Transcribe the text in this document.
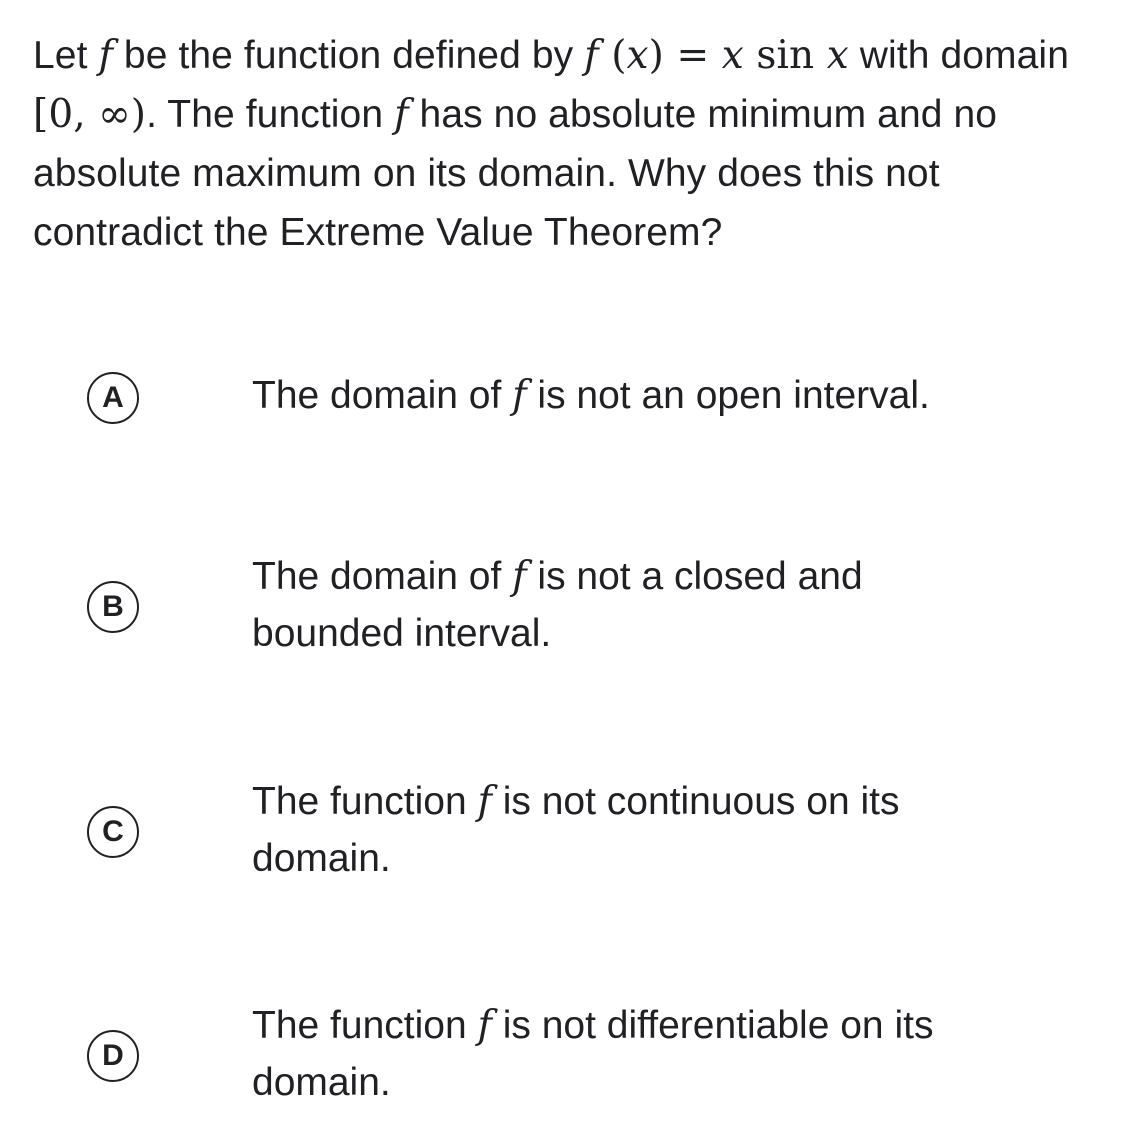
Let f be the function defined by f (x) = x sin x with domain [0, ∞). The function f has no absolute minimum and no absolute maximum on its domain. Why does this not contradict the Extreme Value Theorem?
A	The domain of f is not an open interval.
B
The domain of f is not a closed and bounded interval.
C
The function f is not continuous on its domain.
D
The function f is not differentiable on its domain.
